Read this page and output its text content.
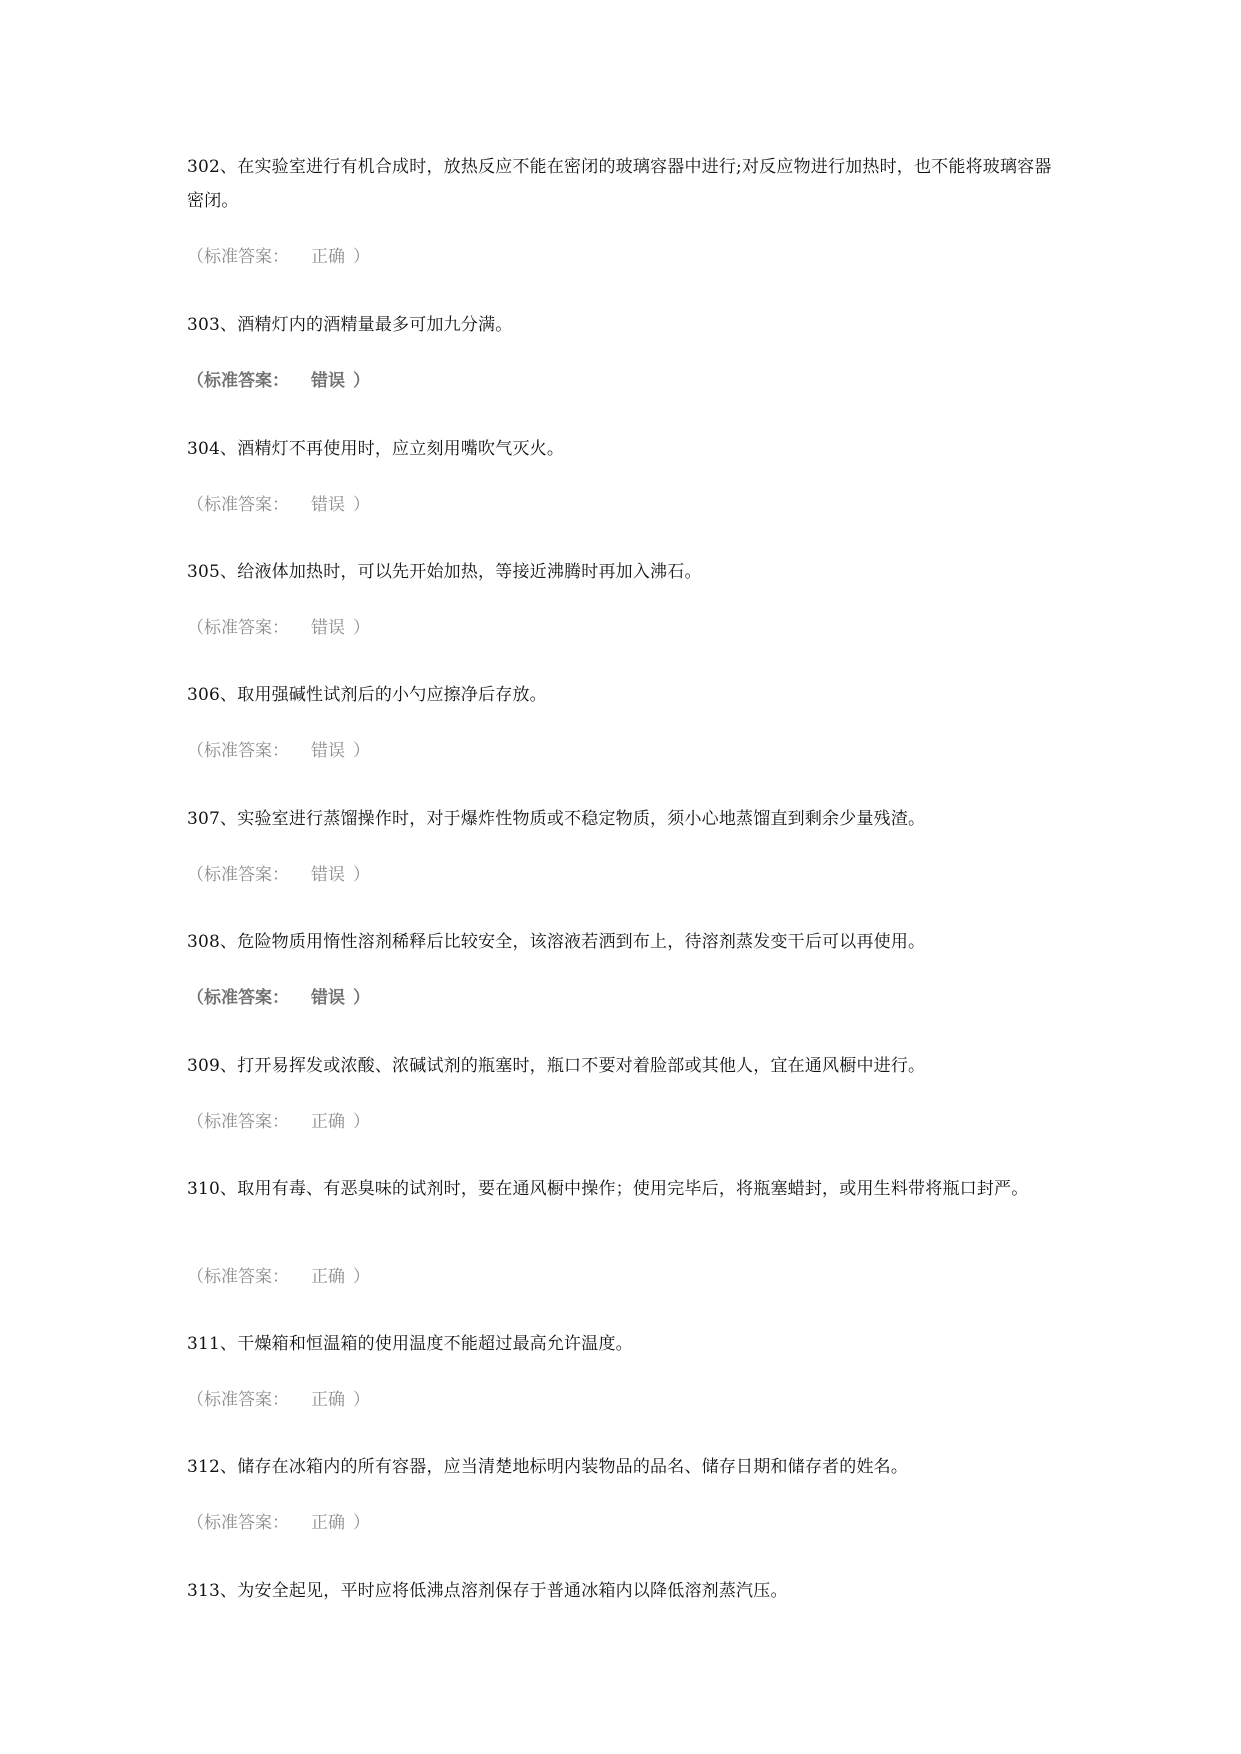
302、在实验室进行有机合成时，放热反应不能在密闭的玻璃容器中进行;对反应物进行加热时，也不能将玻璃容器密闭。

（标准答案： 正确 ）

303、酒精灯内的酒精量最多可加九分满。

（标准答案： 错误 ）

304、酒精灯不再使用时，应立刻用嘴吹气灭火。

（标准答案： 错误 ）

305、给液体加热时，可以先开始加热，等接近沸腾时再加入沸石。

（标准答案： 错误 ）

306、取用强碱性试剂后的小勺应擦净后存放。

（标准答案： 错误 ）

307、实验室进行蒸馏操作时，对于爆炸性物质或不稳定物质，须小心地蒸馏直到剩余少量残渣。

（标准答案： 错误 ）

308、危险物质用惰性溶剂稀释后比较安全，该溶液若洒到布上，待溶剂蒸发变干后可以再使用。

（标准答案： 错误 ）

309、打开易挥发或浓酸、浓碱试剂的瓶塞时，瓶口不要对着脸部或其他人，宜在通风橱中进行。

（标准答案： 正确 ）

310、取用有毒、有恶臭味的试剂时，要在通风橱中操作；使用完毕后，将瓶塞蜡封，或用生料带将瓶口封严。

（标准答案： 正确 ）

311、干燥箱和恒温箱的使用温度不能超过最高允许温度。

（标准答案： 正确 ）

312、储存在冰箱内的所有容器，应当清楚地标明内装物品的品名、储存日期和储存者的姓名。

（标准答案： 正确 ）

313、为安全起见，平时应将低沸点溶剂保存于普通冰箱内以降低溶剂蒸汽压。
